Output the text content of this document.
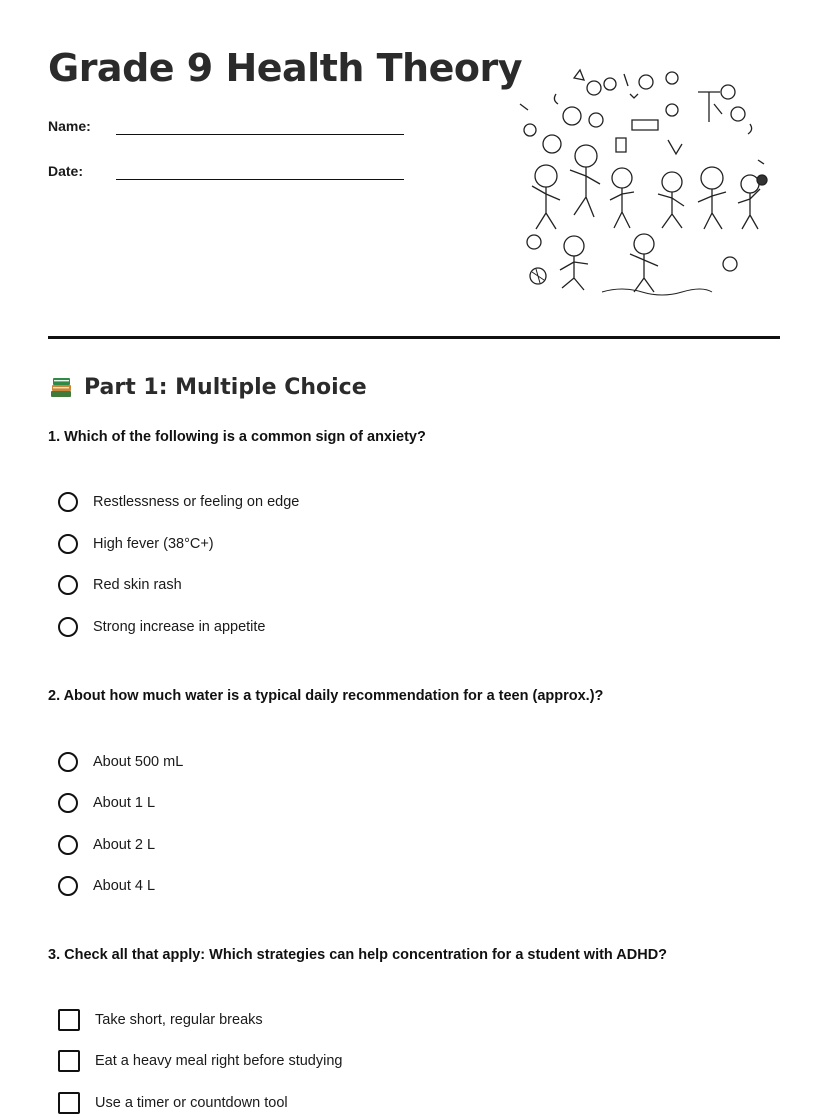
Grade 9 Health Theory
Name:
Date:
Part 1: Multiple Choice

1. Which of the following is a common sign of anxiety?

Restlessness or feeling on edge
High fever (38°C+)
Red skin rash
Strong increase in appetite

2. About how much water is a typical daily recommendation for a teen (approx.)?

About 500 mL
About 1 L
About 2 L
About 4 L

3. Check all that apply: Which strategies can help concentration for a student with ADHD?

Take short, regular breaks
Eat a heavy meal right before studying
Use a timer or countdown tool
